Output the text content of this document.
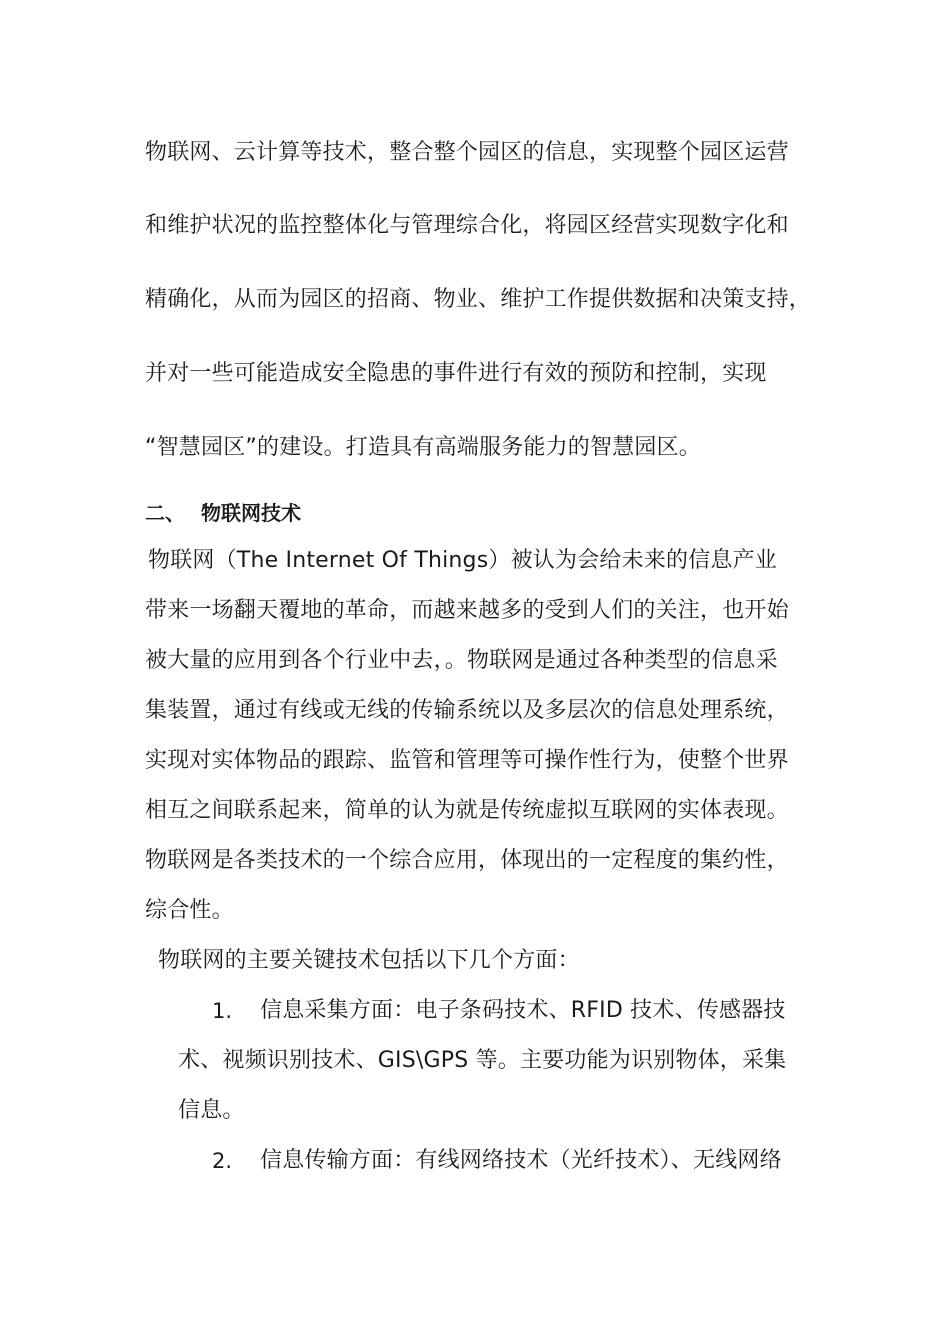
物联网、云计算等技术，整合整个园区的信息，实现整个园区运营
和维护状况的监控整体化与管理综合化，将园区经营实现数字化和
精确化，从而为园区的招商、物业、维护工作提供数据和决策支持，
并对一些可能造成安全隐患的事件进行有效的预防和控制，实现
“智慧园区”的建设。打造具有高端服务能力的智慧园区。
二、 物联网技术
物联网（The Internet Of Things）被认为会给未来的信息产业
带来一场翻天覆地的革命，而越来越多的受到人们的关注，也开始
被大量的应用到各个行业中去，。物联网是通过各种类型的信息采
集装置，通过有线或无线的传输系统以及多层次的信息处理系统，
实现对实体物品的跟踪、监管和管理等可操作性行为，使整个世界
相互之间联系起来，简单的认为就是传统虚拟互联网的实体表现。
物联网是各类技术的一个综合应用，体现出的一定程度的集约性，
综合性。
物联网的主要关键技术包括以下几个方面：
1. 信息采集方面：电子条码技术、RFID 技术、传感器技
术、视频识别技术、GIS\GPS 等。主要功能为识别物体，采集
信息。
2. 信息传输方面：有线网络技术（光纤技术）、无线网络
